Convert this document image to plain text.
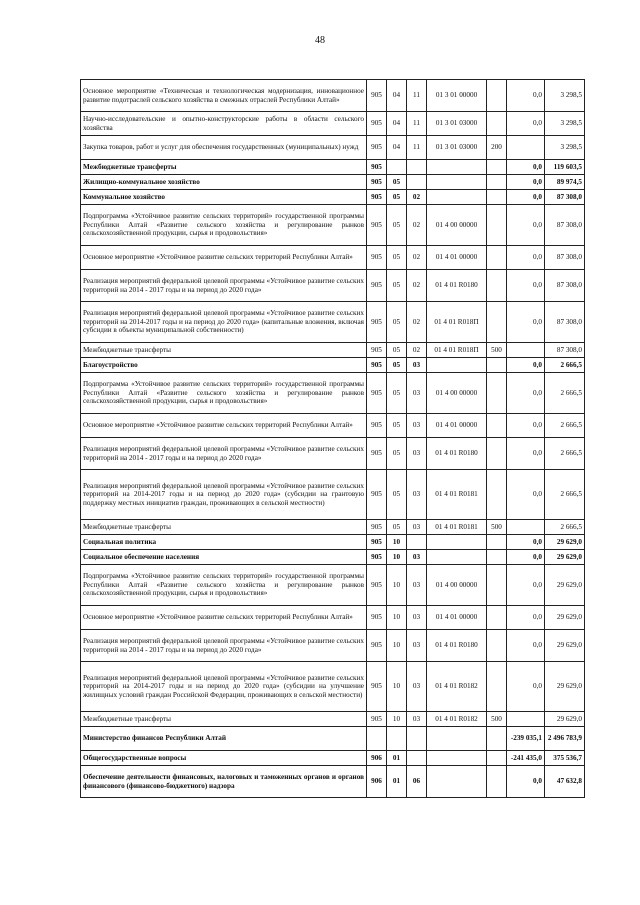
48
Основное мероприятие «Техническая и технологическая модернизация, инновационное развитие подотраслей сельского хозяйства в смежных отраслей Республики Алтай»	905	04	11	01 3 01 00000		0,0	3 298,5
Научно-исследовательские и опытно-конструкторские работы в области сельского хозяйства	905	04	11	01 3 01 03000		0,0	3 298,5
Закупка товаров, работ и услуг для обеспечения государственных (муниципальных) нужд	905	04	11	01 3 01 03000	200		3 298,5
Межбюджетные трансферты	905					0,0	119 603,5
Жилищно-коммунальное хозяйство	905	05				0,0	89 974,5
Коммунальное хозяйство	905	05	02			0,0	87 308,0
Подпрограмма «Устойчивое развитие сельских территорий» государственной программы Республики Алтай «Развитие сельского хозяйства и регулирование рынков сельскохозяйственной продукции, сырья и продовольствия»	905	05	02	01 4 00 00000		0,0	87 308,0
Основное мероприятие «Устойчивое развитие сельских территорий Республики Алтай»	905	05	02	01 4 01 00000		0,0	87 308,0
Реализация мероприятий федеральной целевой программы «Устойчивое развитие сельских территорий на 2014 - 2017 годы и на период до 2020 года»	905	05	02	01 4 01 R0180		0,0	87 308,0
Реализация мероприятий федеральной целевой программы «Устойчивое развитие сельских территорий на 2014-2017 годы и на период до 2020 года» (капитальные вложения, включая субсидии в объекты муниципальной собственности)	905	05	02	01 4 01 R018П		0,0	87 308,0
Межбюджетные трансферты	905	05	02	01 4 01 R018П	500		87 308,0
Благоустройство	905	05	03			0,0	2 666,5
Подпрограмма «Устойчивое развитие сельских территорий» государственной программы Республики Алтай «Развитие сельского хозяйства и регулирование рынков сельскохозяйственной продукции, сырья и продовольствия»	905	05	03	01 4 00 00000		0,0	2 666,5
Основное мероприятие «Устойчивое развитие сельских территорий Республики Алтай»	905	05	03	01 4 01 00000		0,0	2 666,5
Реализация мероприятий федеральной целевой программы «Устойчивое развитие сельских территорий на 2014 - 2017 годы и на период до 2020 года»	905	05	03	01 4 01 R0180		0,0	2 666,5
Реализация мероприятий федеральной целевой программы «Устойчивое развитие сельских территорий на 2014-2017 годы и на период до 2020 года» (субсидии на грантовую поддержку местных инициатив граждан, проживающих в сельской местности)	905	05	03	01 4 01 R0181		0,0	2 666,5
Межбюджетные трансферты	905	05	03	01 4 01 R0181	500		2 666,5
Социальная политика	905	10				0,0	29 629,0
Социальное обеспечение населения	905	10	03			0,0	29 629,0
Подпрограмма «Устойчивое развитие сельских территорий» государственной программы Республики Алтай «Развитие сельского хозяйства и регулирование рынков сельскохозяйственной продукции, сырья и продовольствия»	905	10	03	01 4 00 00000		0,0	29 629,0
Основное мероприятие «Устойчивое развитие сельских территорий Республики Алтай»	905	10	03	01 4 01 00000		0,0	29 629,0
Реализация мероприятий федеральной целевой программы «Устойчивое развитие сельских территорий на 2014 - 2017 годы и на период до 2020 года»	905	10	03	01 4 01 R0180		0,0	29 629,0
Реализация мероприятий федеральной целевой программы «Устойчивое развитие сельских территорий на 2014-2017 годы и на период до 2020 года» (субсидии на улучшение жилищных условий граждан Российской Федерации, проживающих в сельской местности)	905	10	03	01 4 01 R0182		0,0	29 629,0
Межбюджетные трансферты	905	10	03	01 4 01 R0182	500		29 629,0
Министерство финансов Республики Алтай						-239 035,1	2 496 783,9
Общегосударственные вопросы	906	01				-241 435,0	375 536,7
Обеспечение деятельности финансовых, налоговых и таможенных органов и органов финансового (финансово-бюджетного) надзора	906	01	06			0,0	47 632,8
